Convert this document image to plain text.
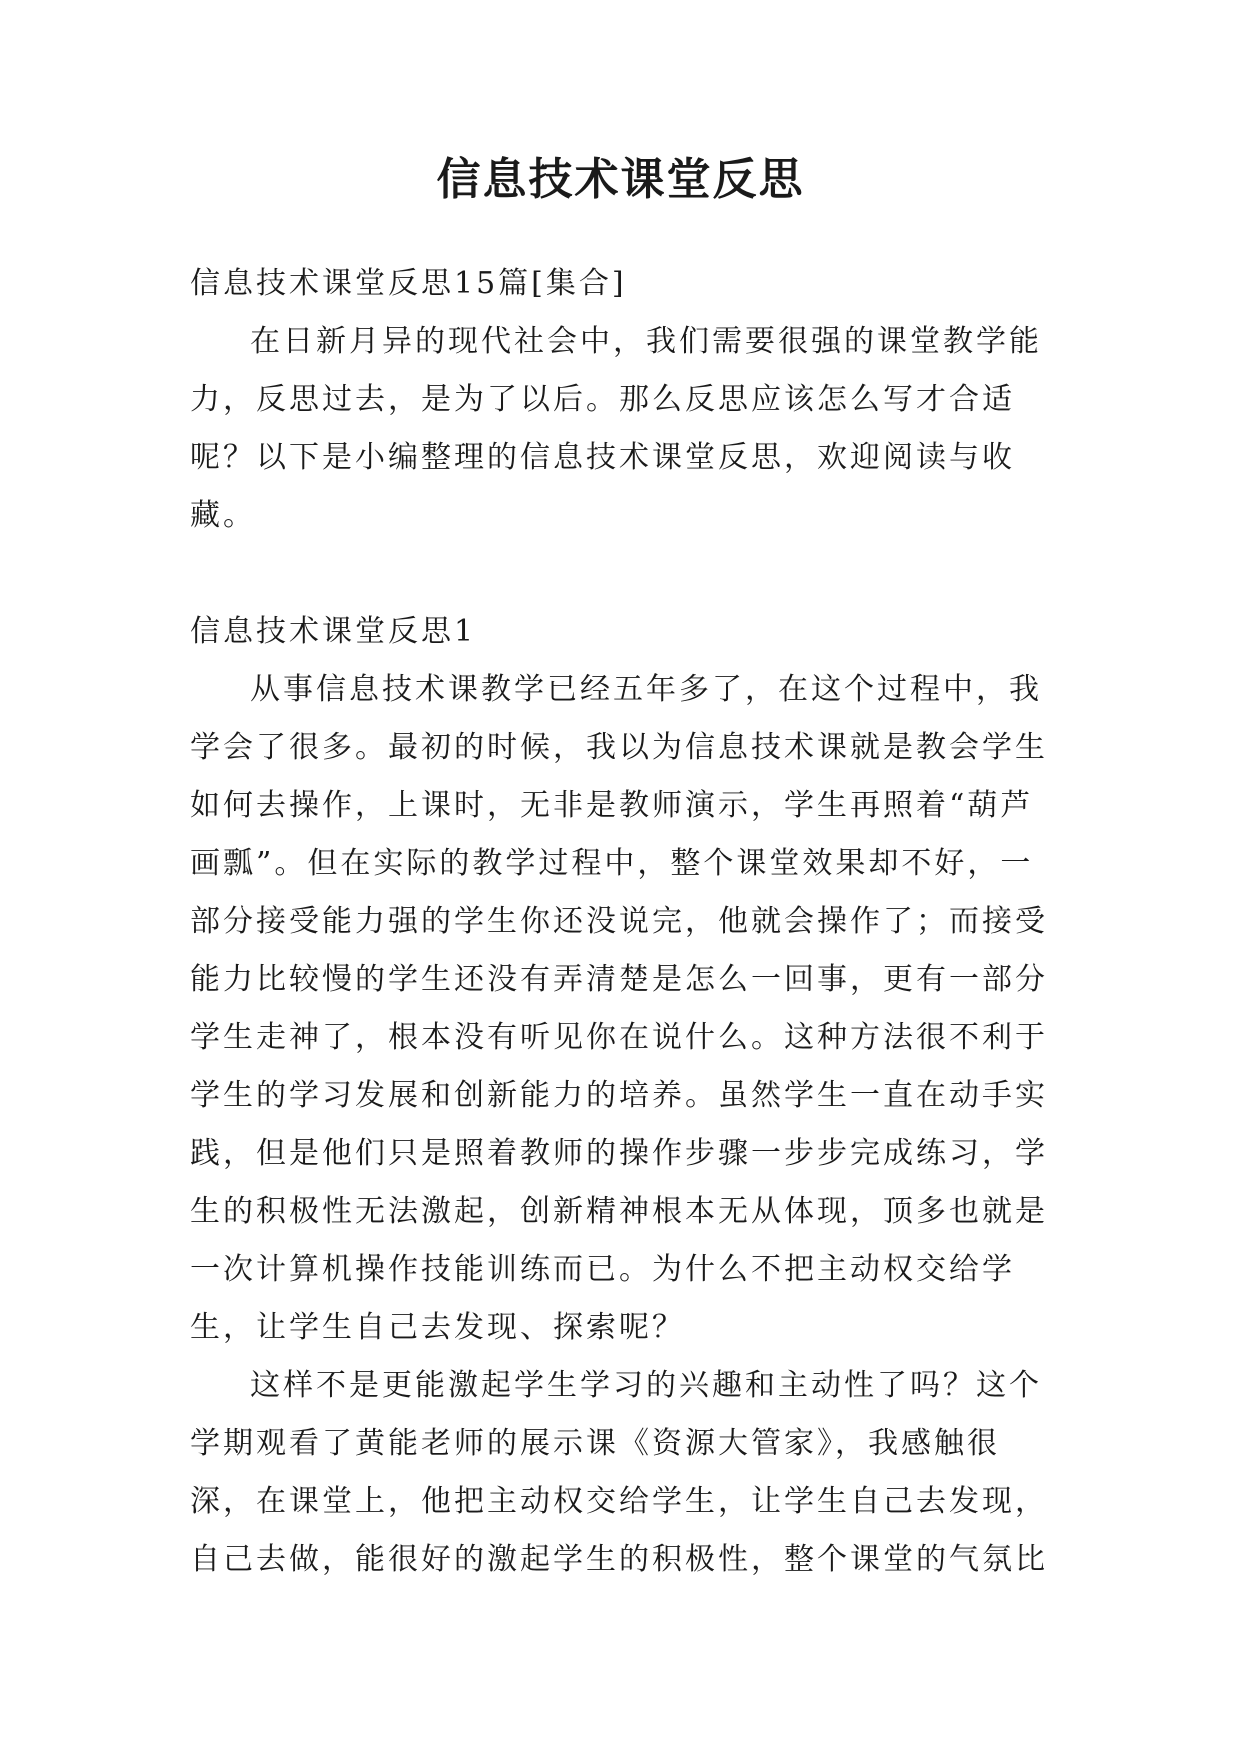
信息技术课堂反思

信息技术课堂反思15篇[集合]

在日新月异的现代社会中，我们需要很强的课堂教学能力，反思过去，是为了以后。那么反思应该怎么写才合适呢？以下是小编整理的信息技术课堂反思，欢迎阅读与收藏。

信息技术课堂反思1

从事信息技术课教学已经五年多了，在这个过程中，我学会了很多。最初的时候，我以为信息技术课就是教会学生如何去操作，上课时，无非是教师演示，学生再照着“葫芦画瓢”。但在实际的教学过程中，整个课堂效果却不好，一部分接受能力强的学生你还没说完，他就会操作了；而接受能力比较慢的学生还没有弄清楚是怎么一回事，更有一部分学生走神了，根本没有听见你在说什么。这种方法很不利于学生的学习发展和创新能力的培养。虽然学生一直在动手实践，但是他们只是照着教师的操作步骤一步步完成练习，学生的积极性无法激起，创新精神根本无从体现，顶多也就是一次计算机操作技能训练而已。为什么不把主动权交给学生，让学生自己去发现、探索呢？

这样不是更能激起学生学习的兴趣和主动性了吗？这个学期观看了黄能老师的展示课《资源大管家》，我感触很深，在课堂上，他把主动权交给学生，让学生自己去发现，自己去做，能很好的激起学生的积极性，整个课堂的气氛比
